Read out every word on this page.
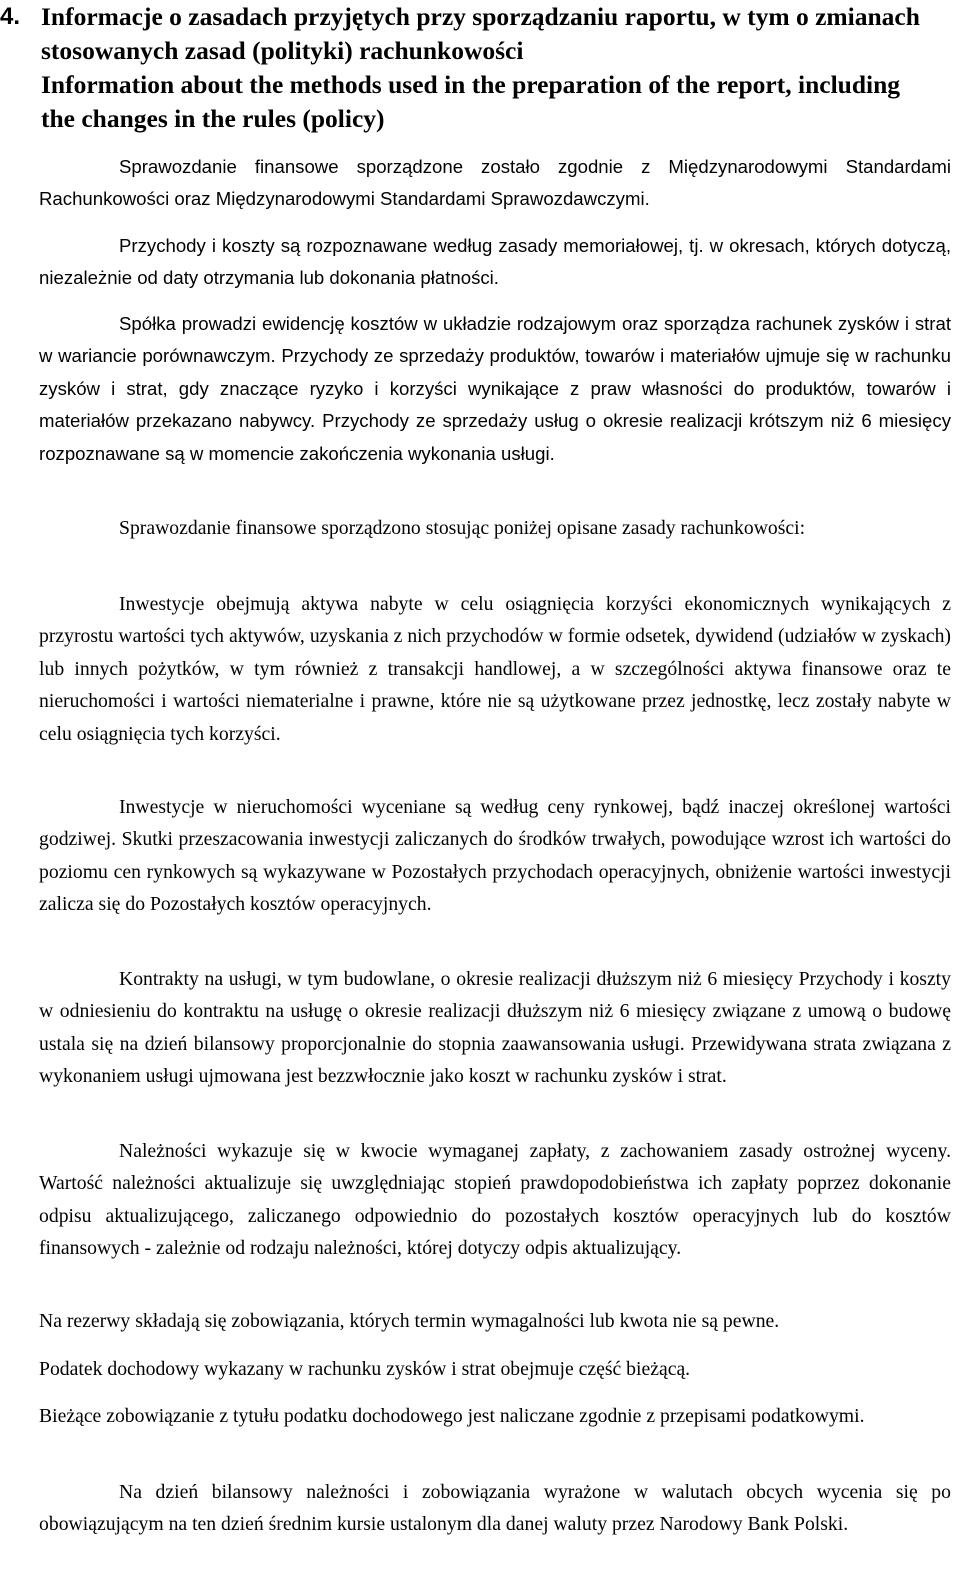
4. Informacje o zasadach przyjętych przy sporządzaniu raportu, w tym o zmianach
stosowanych zasad (polityki) rachunkowości
Information about the methods used in the preparation of the report, including
the changes in the rules (policy)

Sprawozdanie finansowe sporządzone zostało zgodnie z Międzynarodowymi Standardami Rachunkowości oraz Międzynarodowymi Standardami Sprawozdawczymi.

Przychody i koszty są rozpoznawane według zasady memoriałowej, tj. w okresach, których dotyczą, niezależnie od daty otrzymania lub dokonania płatności.

Spółka prowadzi ewidencję kosztów w układzie rodzajowym oraz sporządza rachunek zysków i strat w wariancie porównawczym. Przychody ze sprzedaży produktów, towarów i materiałów ujmuje się w rachunku zysków i strat, gdy znaczące ryzyko i korzyści wynikające z praw własności do produktów, towarów i materiałów przekazano nabywcy. Przychody ze sprzedaży usług o okresie realizacji krótszym niż 6 miesięcy rozpoznawane są w momencie zakończenia wykonania usługi.

Sprawozdanie finansowe sporządzono stosując poniżej opisane zasady rachunkowości:

Inwestycje obejmują aktywa nabyte w celu osiągnięcia korzyści ekonomicznych wynikających z przyrostu wartości tych aktywów, uzyskania z nich przychodów w formie odsetek, dywidend (udziałów w zyskach) lub innych pożytków, w tym również z transakcji handlowej, a w szczególności aktywa finansowe oraz te nieruchomości i wartości niematerialne i prawne, które nie są użytkowane przez jednostkę, lecz zostały nabyte w celu osiągnięcia tych korzyści.

Inwestycje w nieruchomości wyceniane są według ceny rynkowej, bądź inaczej określonej wartości godziwej. Skutki przeszacowania inwestycji zaliczanych do środków trwałych, powodujące wzrost ich wartości do poziomu cen rynkowych są wykazywane w Pozostałych przychodach operacyjnych, obniżenie wartości inwestycji zalicza się do Pozostałych kosztów operacyjnych.

Kontrakty na usługi, w tym budowlane, o okresie realizacji dłuższym niż 6 miesięcy Przychody i koszty w odniesieniu do kontraktu na usługę o okresie realizacji dłuższym niż 6 miesięcy związane z umową o budowę ustala się na dzień bilansowy proporcjonalnie do stopnia zaawansowania usługi. Przewidywana strata związana z wykonaniem usługi ujmowana jest bezzwłocznie jako koszt w rachunku zysków i strat.

Należności wykazuje się w kwocie wymaganej zapłaty, z zachowaniem zasady ostrożnej wyceny. Wartość należności aktualizuje się uwzględniając stopień prawdopodobieństwa ich zapłaty poprzez dokonanie odpisu aktualizującego, zaliczanego odpowiednio do pozostałych kosztów operacyjnych lub do kosztów finansowych - zależnie od rodzaju należności, której dotyczy odpis aktualizujący.

Na rezerwy składają się zobowiązania, których termin wymagalności lub kwota nie są pewne.

Podatek dochodowy wykazany w rachunku zysków i strat obejmuje część bieżącą.

Bieżące zobowiązanie z tytułu podatku dochodowego jest naliczane zgodnie z przepisami podatkowymi.

Na dzień bilansowy należności i zobowiązania wyrażone w walutach obcych wycenia się po obowiązującym na ten dzień średnim kursie ustalonym dla danej waluty przez Narodowy Bank Polski.
